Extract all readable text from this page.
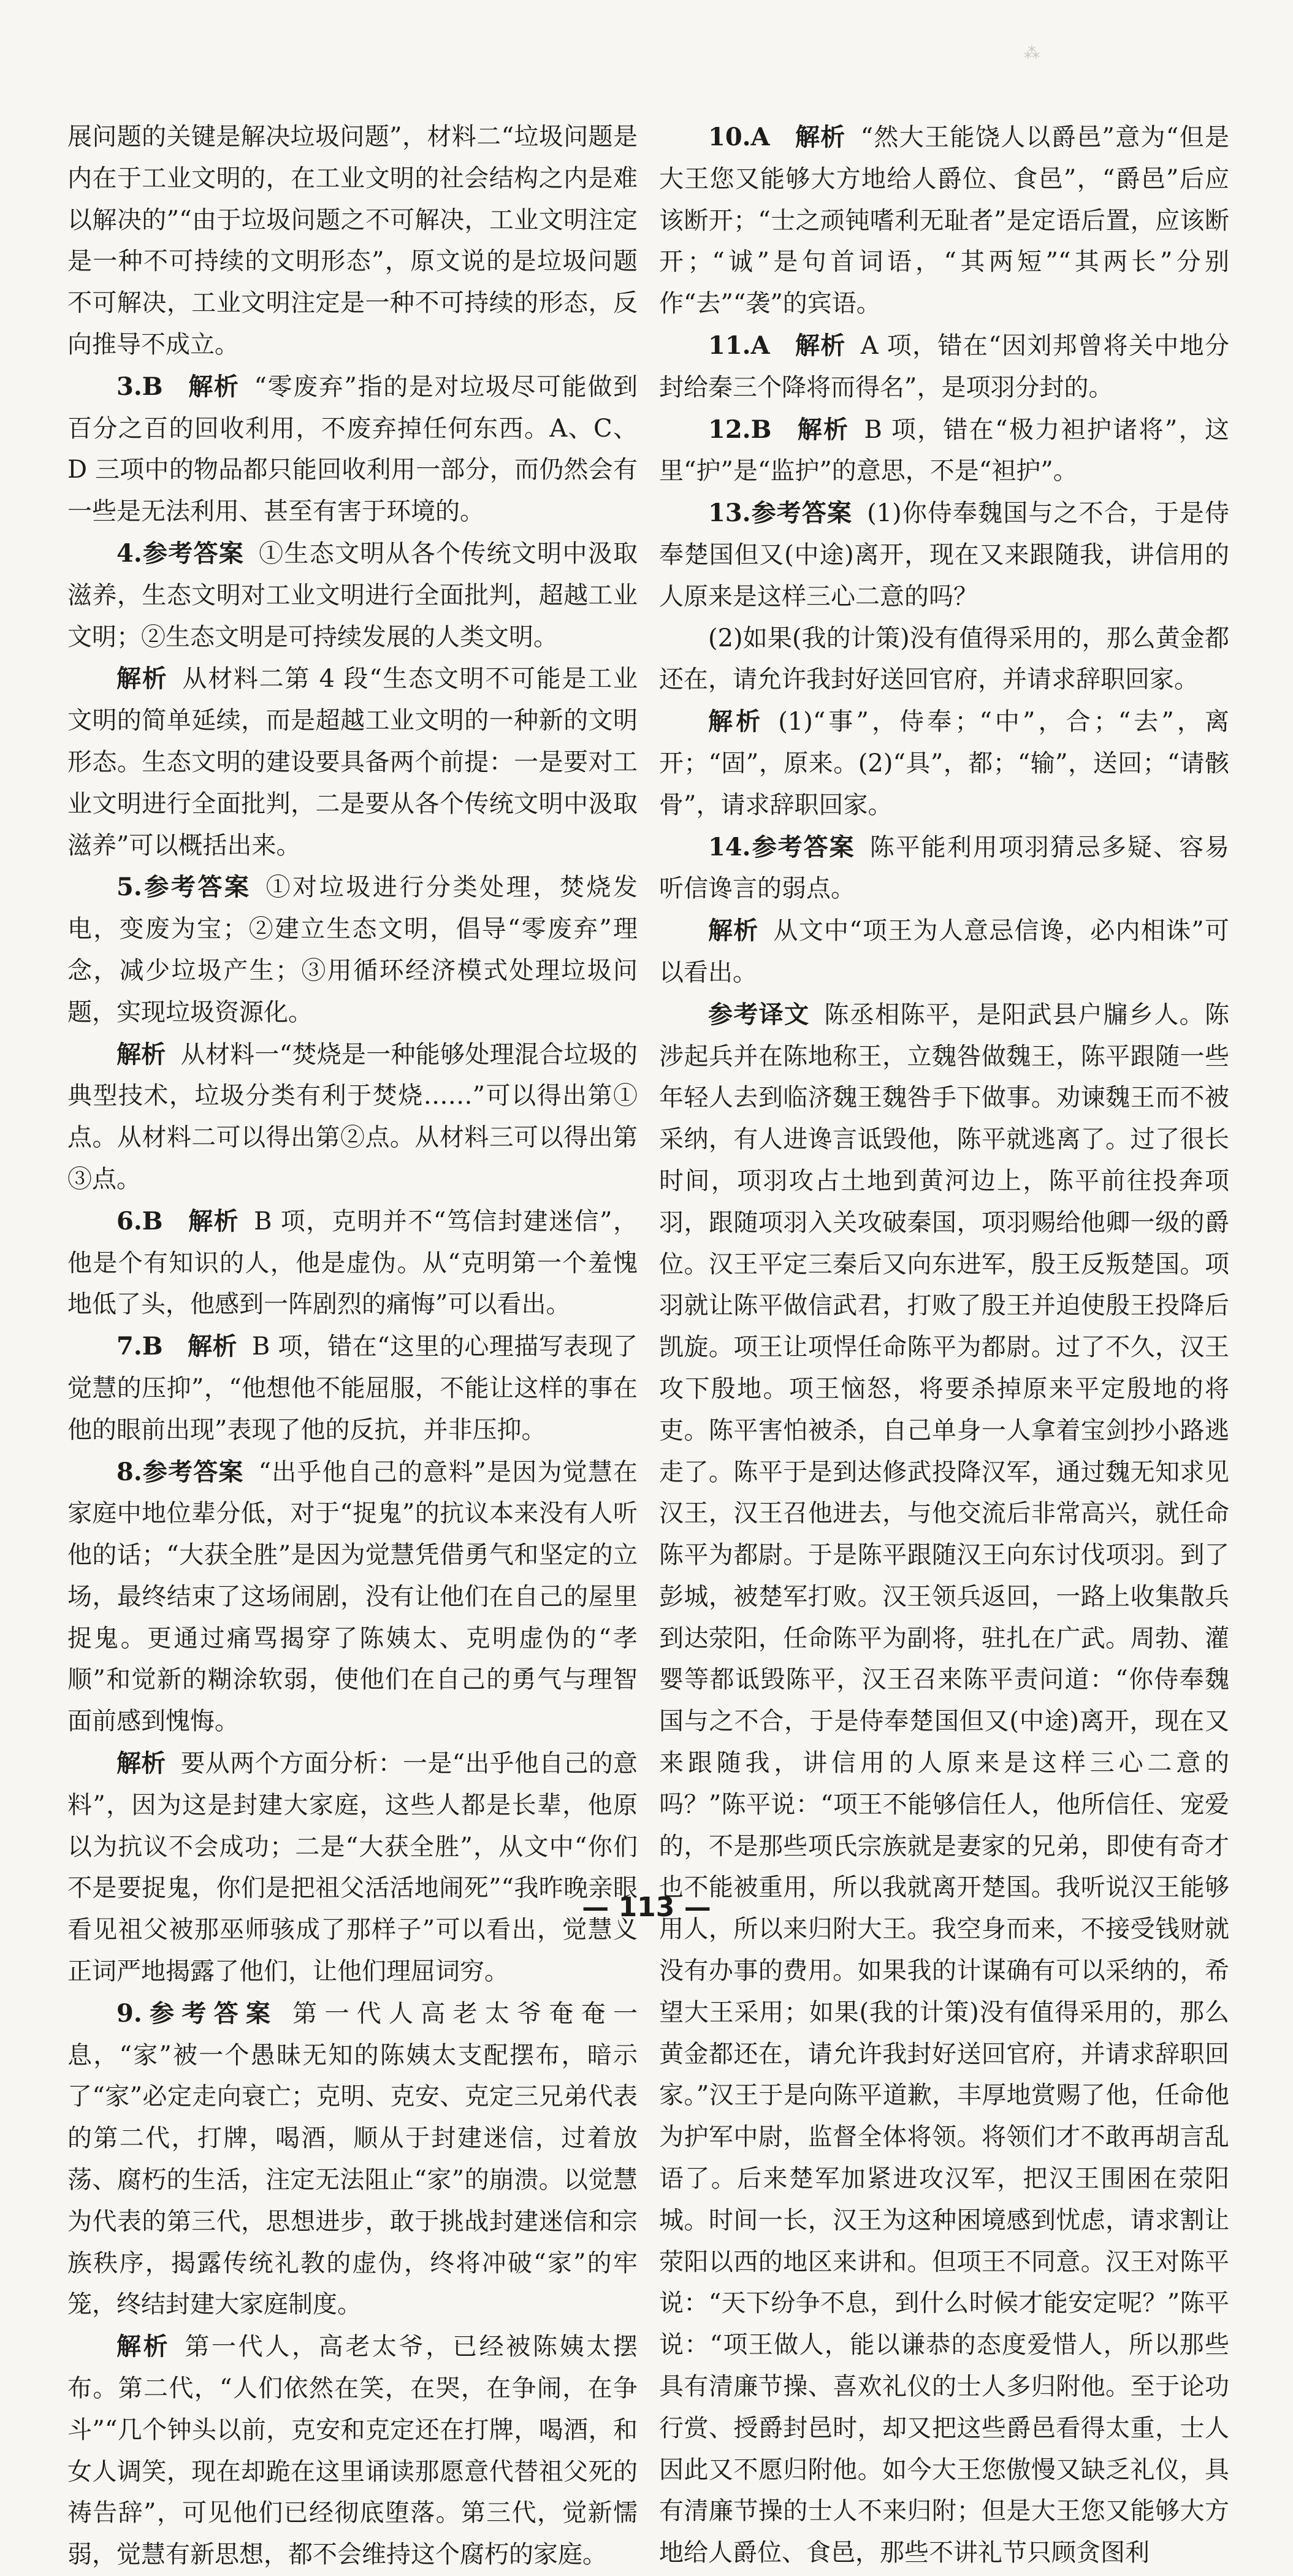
⁂

展问题的关键是解决垃圾问题”，材料二“垃圾问题是内在于工业文明的，在工业文明的社会结构之内是难以解决的”“由于垃圾问题之不可解决，工业文明注定是一种不可持续的文明形态”，原文说的是垃圾问题不可解决，工业文明注定是一种不可持续的形态，反向推导不成立。

3.B 解析 “零废弃”指的是对垃圾尽可能做到百分之百的回收利用，不废弃掉任何东西。A、C、D 三项中的物品都只能回收利用一部分，而仍然会有一些是无法利用、甚至有害于环境的。

4.参考答案 ①生态文明从各个传统文明中汲取滋养，生态文明对工业文明进行全面批判，超越工业文明；②生态文明是可持续发展的人类文明。

解析 从材料二第 4 段“生态文明不可能是工业文明的简单延续，而是超越工业文明的一种新的文明形态。生态文明的建设要具备两个前提：一是要对工业文明进行全面批判，二是要从各个传统文明中汲取滋养”可以概括出来。

5.参考答案 ①对垃圾进行分类处理，焚烧发电，变废为宝；②建立生态文明，倡导“零废弃”理念，减少垃圾产生；③用循环经济模式处理垃圾问题，实现垃圾资源化。

解析 从材料一“焚烧是一种能够处理混合垃圾的典型技术，垃圾分类有利于焚烧……”可以得出第①点。从材料二可以得出第②点。从材料三可以得出第③点。

6.B 解析 B 项，克明并不“笃信封建迷信”，他是个有知识的人，他是虚伪。从“克明第一个羞愧地低了头，他感到一阵剧烈的痛悔”可以看出。

7.B 解析 B 项，错在“这里的心理描写表现了觉慧的压抑”，“他想他不能屈服，不能让这样的事在他的眼前出现”表现了他的反抗，并非压抑。

8.参考答案 “出乎他自己的意料”是因为觉慧在家庭中地位辈分低，对于“捉鬼”的抗议本来没有人听他的话；“大获全胜”是因为觉慧凭借勇气和坚定的立场，最终结束了这场闹剧，没有让他们在自己的屋里捉鬼。更通过痛骂揭穿了陈姨太、克明虚伪的“孝顺”和觉新的糊涂软弱，使他们在自己的勇气与理智面前感到愧悔。

解析 要从两个方面分析：一是“出乎他自己的意料”，因为这是封建大家庭，这些人都是长辈，他原以为抗议不会成功；二是“大获全胜”，从文中“你们不是要捉鬼，你们是把祖父活活地闹死”“我昨晚亲眼看见祖父被那巫师骇成了那样子”可以看出，觉慧义正词严地揭露了他们，让他们理屈词穷。

9.参考答案 第一代人高老太爷奄奄一息，“家”被一个愚昧无知的陈姨太支配摆布，暗示了“家”必定走向衰亡；克明、克安、克定三兄弟代表的第二代，打牌，喝酒，顺从于封建迷信，过着放荡、腐朽的生活，注定无法阻止“家”的崩溃。以觉慧为代表的第三代，思想进步，敢于挑战封建迷信和宗族秩序，揭露传统礼教的虚伪，终将冲破“家”的牢笼，终结封建大家庭制度。

解析 第一代人，高老太爷，已经被陈姨太摆布。第二代，“人们依然在笑，在哭，在争闹，在争斗”“几个钟头以前，克安和克定还在打牌，喝酒，和女人调笑，现在却跪在这里诵读那愿意代替祖父死的祷告辞”，可见他们已经彻底堕落。第三代，觉新懦弱，觉慧有新思想，都不会维持这个腐朽的家庭。

10.A 解析 “然大王能饶人以爵邑”意为“但是大王您又能够大方地给人爵位、食邑”，“爵邑”后应该断开；“士之顽钝嗜利无耻者”是定语后置，应该断开；“诚”是句首词语，“其两短”“其两长”分别作“去”“袭”的宾语。

11.A 解析 A 项，错在“因刘邦曾将关中地分封给秦三个降将而得名”，是项羽分封的。

12.B 解析 B 项，错在“极力袒护诸将”，这里“护”是“监护”的意思，不是“袒护”。

13.参考答案 (1)你侍奉魏国与之不合，于是侍奉楚国但又(中途)离开，现在又来跟随我，讲信用的人原来是这样三心二意的吗？

(2)如果(我的计策)没有值得采用的，那么黄金都还在，请允许我封好送回官府，并请求辞职回家。

解析 (1)“事”，侍奉；“中”，合；“去”，离开；“固”，原来。(2)“具”，都；“输”，送回；“请骸骨”，请求辞职回家。

14.参考答案 陈平能利用项羽猜忌多疑、容易听信谗言的弱点。

解析 从文中“项王为人意忌信谗，必内相诛”可以看出。

参考译文 陈丞相陈平，是阳武县户牖乡人。陈涉起兵并在陈地称王，立魏咎做魏王，陈平跟随一些年轻人去到临济魏王魏咎手下做事。劝谏魏王而不被采纳，有人进谗言诋毁他，陈平就逃离了。过了很长时间，项羽攻占土地到黄河边上，陈平前往投奔项羽，跟随项羽入关攻破秦国，项羽赐给他卿一级的爵位。汉王平定三秦后又向东进军，殷王反叛楚国。项羽就让陈平做信武君，打败了殷王并迫使殷王投降后凯旋。项王让项悍任命陈平为都尉。过了不久，汉王攻下殷地。项王恼怒，将要杀掉原来平定殷地的将吏。陈平害怕被杀，自己单身一人拿着宝剑抄小路逃走了。陈平于是到达修武投降汉军，通过魏无知求见汉王，汉王召他进去，与他交流后非常高兴，就任命陈平为都尉。于是陈平跟随汉王向东讨伐项羽。到了彭城，被楚军打败。汉王领兵返回，一路上收集散兵到达荥阳，任命陈平为副将，驻扎在广武。周勃、灌婴等都诋毁陈平，汉王召来陈平责问道：“你侍奉魏国与之不合，于是侍奉楚国但又(中途)离开，现在又来跟随我，讲信用的人原来是这样三心二意的吗？”陈平说：“项王不能够信任人，他所信任、宠爱的，不是那些项氏宗族就是妻家的兄弟，即使有奇才也不能被重用，所以我就离开楚国。我听说汉王能够用人，所以来归附大王。我空身而来，不接受钱财就没有办事的费用。如果我的计谋确有可以采纳的，希望大王采用；如果(我的计策)没有值得采用的，那么黄金都还在，请允许我封好送回官府，并请求辞职回家。”汉王于是向陈平道歉，丰厚地赏赐了他，任命他为护军中尉，监督全体将领。将领们才不敢再胡言乱语了。后来楚军加紧进攻汉军，把汉王围困在荥阳城。时间一长，汉王为这种困境感到忧虑，请求割让荥阳以西的地区来讲和。但项王不同意。汉王对陈平说：“天下纷争不息，到什么时候才能安定呢？”陈平说：“项王做人，能以谦恭的态度爱惜人，所以那些具有清廉节操、喜欢礼仪的士人多归附他。至于论功行赏、授爵封邑时，却又把这些爵邑看得太重，士人因此又不愿归附他。如今大王您傲慢又缺乏礼仪，具有清廉节操的士人不来归附；但是大王您又能够大方地给人爵位、食邑，那些不讲礼节只顾贪图利

— 113 —
